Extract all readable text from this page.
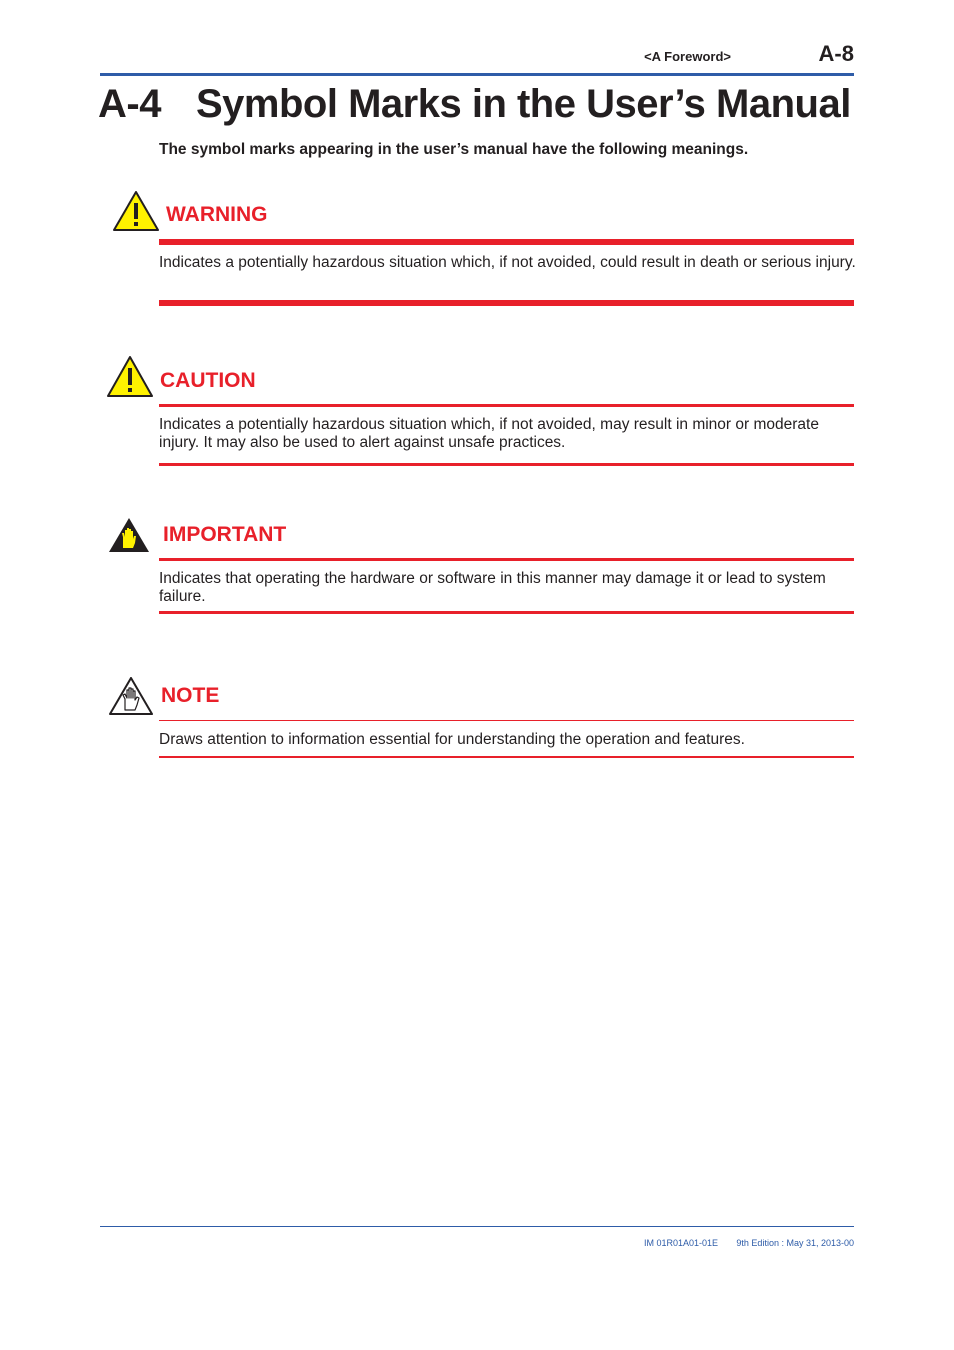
<A Foreword>	A-8
A-4 Symbol Marks in the User’s Manual
The symbol marks appearing in the user’s manual have the following meanings.
WARNING
Indicates a potentially hazardous situation which, if not avoided, could result in death or serious injury.
CAUTION
Indicates a potentially hazardous situation which, if not avoided, may result in minor or moderate injury. It may also be used to alert against unsafe practices.
IMPORTANT
Indicates that operating the hardware or software in this manner may damage it or lead to system failure.
NOTE
Draws attention to information essential for understanding the operation and features.
IM 01R01A01-01E	9th Edition : May 31, 2013-00
